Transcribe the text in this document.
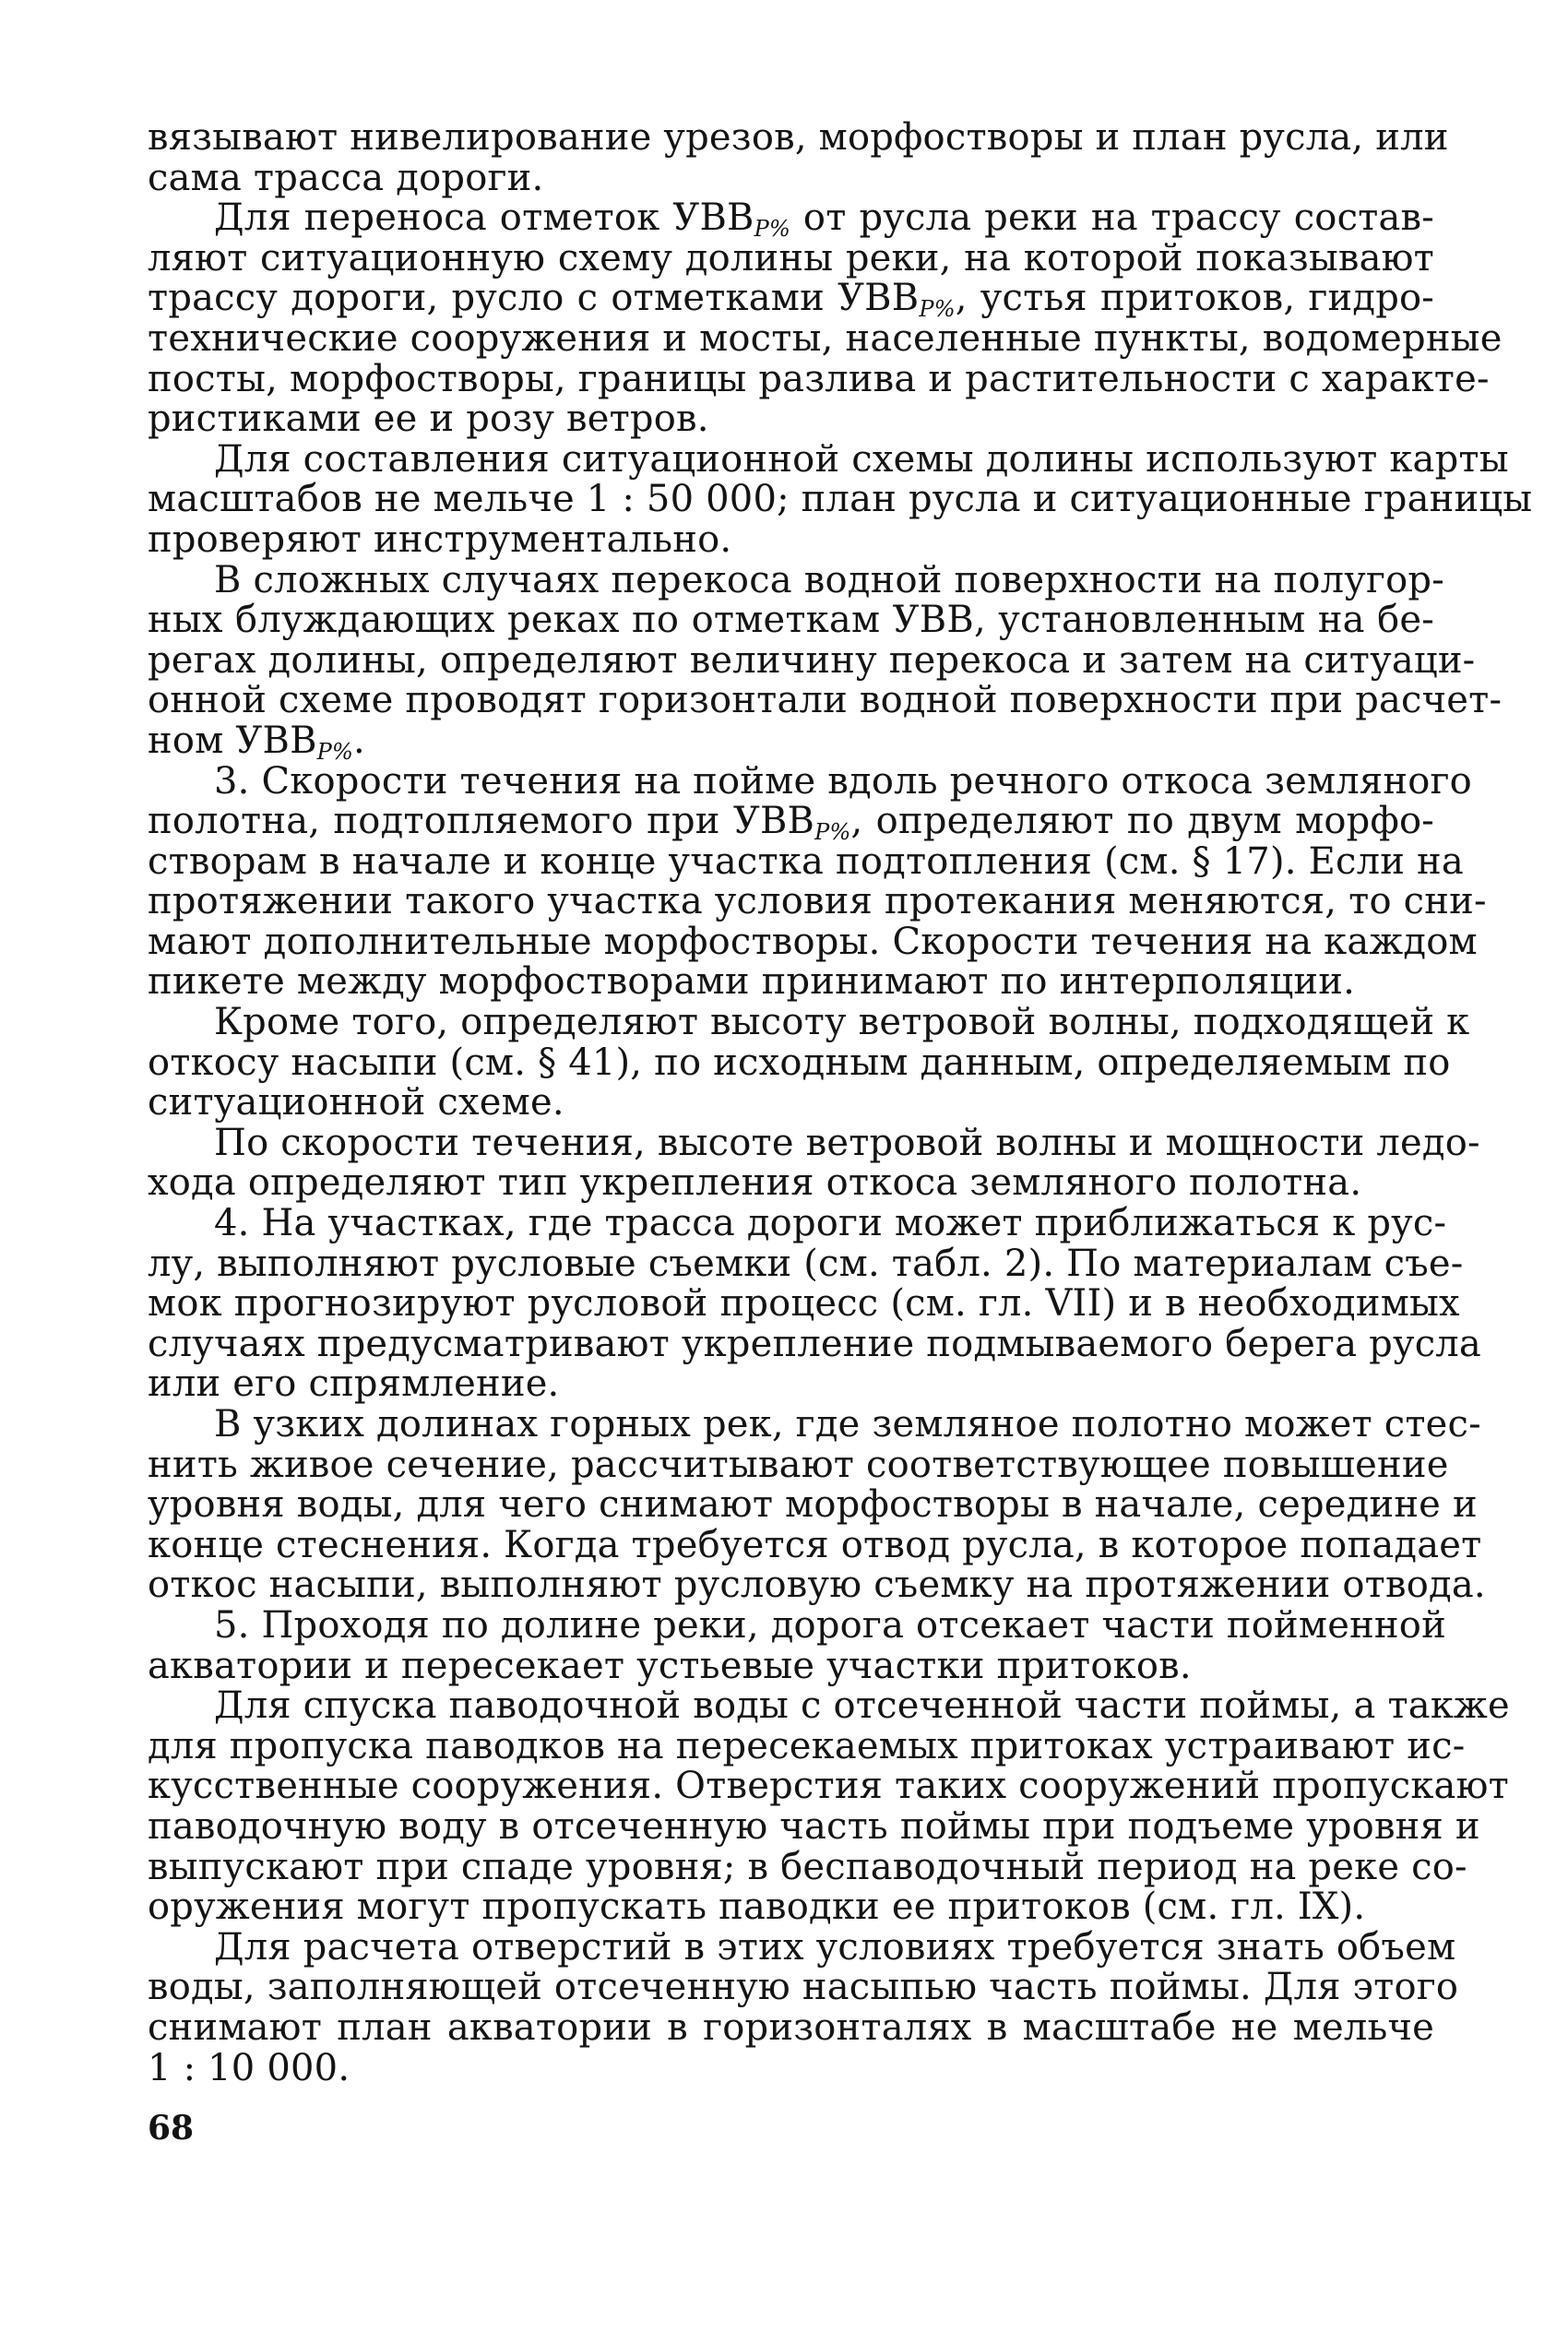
вязывают нивелирование урезов, морфостворы и план русла, или
сама трасса дороги.
Для переноса отметок $УВВ_{P\%}$ от русла реки на трассу состав-
ляют ситуационную схему долины реки, на которой показывают
трассу дороги, русло с отметками $УВВ_{P\%}$, устья притоков, гидро-
технические сооружения и мосты, населенные пункты, водомерные
посты, морфостворы, границы разлива и растительности с характе-
ристиками ее и розу ветров.
Для составления ситуационной схемы долины используют карты
масштабов не мельче 1 : 50 000; план русла и ситуационные границы
проверяют инструментально.
В сложных случаях перекоса водной поверхности на полугор-
ных блуждающих реках по отметкам УВВ, установленным на бе-
регах долины, определяют величину перекоса и затем на ситуаци-
онной схеме проводят горизонтали водной поверхности при расчет-
ном $УВВ_{P\%}$.
3. Скорости течения на пойме вдоль речного откоса земляного
полотна, подтопляемого при $УВВ_{P\%}$, определяют по двум морфо-
створам в начале и конце участка подтопления (см. § 17). Если на
протяжении такого участка условия протекания меняются, то сни-
мают дополнительные морфостворы. Скорости течения на каждом
пикете между морфостворами принимают по интерполяции.
Кроме того, определяют высоту ветровой волны, подходящей к
откосу насыпи (см. § 41), по исходным данным, определяемым по
ситуационной схеме.
По скорости течения, высоте ветровой волны и мощности ледо-
хода определяют тип укрепления откоса земляного полотна.
4. На участках, где трасса дороги может приближаться к рус-
лу, выполняют русловые съемки (см. табл. 2). По материалам съе-
мок прогнозируют русловой процесс (см. гл. VII) и в необходимых
случаях предусматривают укрепление подмываемого берега русла
или его спрямление.
В узких долинах горных рек, где земляное полотно может стес-
нить живое сечение, рассчитывают соответствующее повышение
уровня воды, для чего снимают морфостворы в начале, середине и
конце стеснения. Когда требуется отвод русла, в которое попадает
откос насыпи, выполняют русловую съемку на протяжении отвода.
5. Проходя по долине реки, дорога отсекает части пойменной
акватории и пересекает устьевые участки притоков.
Для спуска паводочной воды с отсеченной части поймы, а также
для пропуска паводков на пересекаемых притоках устраивают ис-
кусственные сооружения. Отверстия таких сооружений пропускают
паводочную воду в отсеченную часть поймы при подъеме уровня и
выпускают при спаде уровня; в беспаводочный период на реке со-
оружения могут пропускать паводки ее притоков (см. гл. IX).
Для расчета отверстий в этих условиях требуется знать объем
воды, заполняющей отсеченную насыпью часть поймы. Для этого
снимают план акватории в горизонталях в масштабе не мельче
1 : 10 000.
68
